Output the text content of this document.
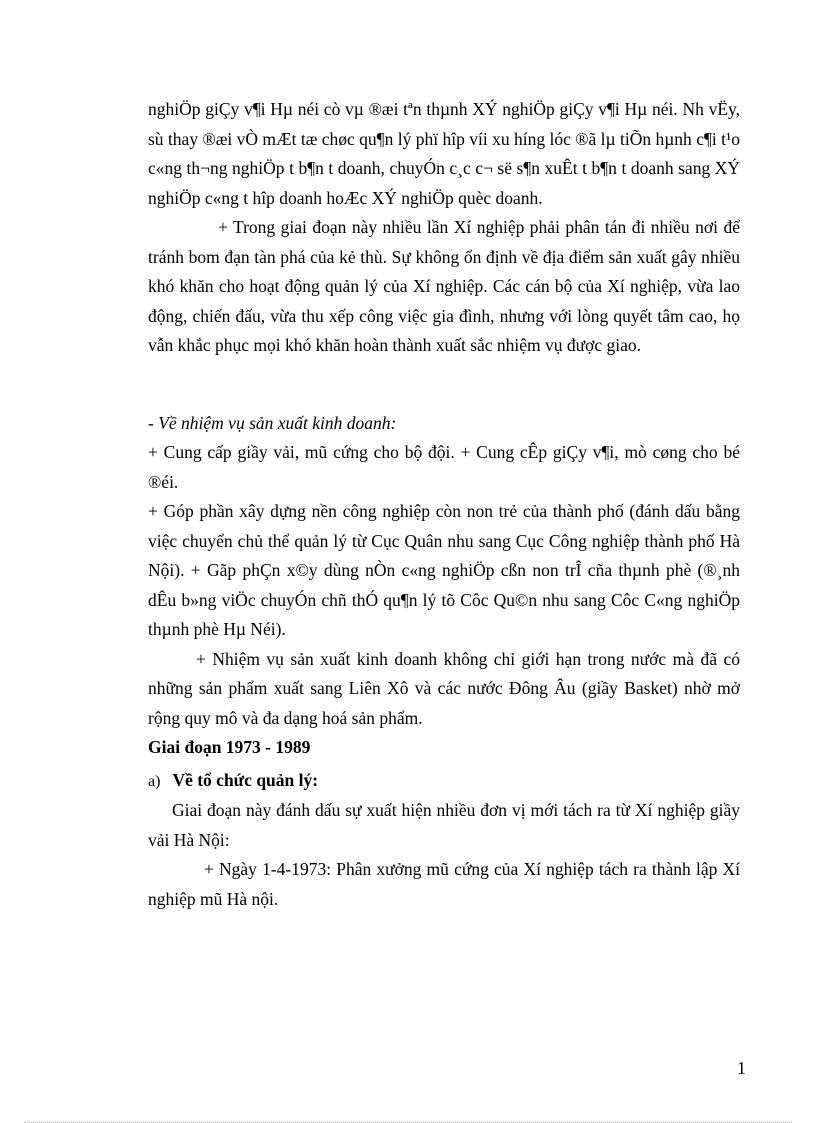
nghiÖp giÇy v¶i Hµ néi cò vµ ®æi tªn thµnh XÝ nghiÖp giÇy v¶i Hµ néi. Nh vËy, sù thay ®æi vÒ mÆt tæ chøc qu¶n lý phï hîp víi xu híng lóc ®ã lµ tiÕn hµnh c¶i t¹o c«ng th¬ng nghiÖp t b¶n t doanh, chuyÓn c¸c c¬ së s¶n xuÊt t b¶n t doanh sang XÝ nghiÖp c«ng t hîp doanh hoÆc XÝ nghiÖp quèc doanh.

+ Trong giai đoạn này nhiều lần Xí nghiệp phải phân tán đi nhiều nơi để tránh bom đạn tàn phá của kẻ thù. Sự không ổn định về địa điểm sản xuất gây nhiều khó khăn cho hoạt động quản lý của Xí nghiệp. Các cán bộ của Xí nghiệp, vừa lao động, chiến đấu, vừa thu xếp công việc gia đình, nhưng với lòng quyết tâm cao, họ vẫn khắc phục mọi khó khăn hoàn thành xuất sắc nhiệm vụ được giao.

- Về nhiệm vụ sản xuất kinh doanh:

+ Cung cấp giầy vải, mũ cứng cho bộ đội. + Cung cÊp giÇy v¶i, mò cøng cho bé ®éi.

+ Góp phần xây dựng nền công nghiệp còn non trẻ của thành phố (đánh dấu bằng việc chuyển chủ thể quản lý từ Cục Quân nhu sang Cục Công nghiệp thành phố Hà Nội). + Gãp phÇn x©y dùng nÒn c«ng nghiÖp cßn non trÎ cña thµnh phè (®¸nh dÊu b»ng viÖc chuyÓn chñ thÓ qu¶n lý tõ Côc Qu©n nhu sang Côc C«ng nghiÖp thµnh phè Hµ Néi).

+ Nhiệm vụ sản xuất kinh doanh không chỉ giới hạn trong nước mà đã có những sản phẩm xuất sang Liên Xô và các nước Đông Âu (giầy Basket) nhờ mở rộng quy mô và đa dạng hoá sản phẩm.

Giai đoạn 1973 - 1989

a) Về tổ chức quản lý:

Giai đoạn này đánh dấu sự xuất hiện nhiều đơn vị mới tách ra từ Xí nghiệp giầy vải Hà Nội:

+ Ngày 1-4-1973: Phân xưởng mũ cứng của Xí nghiệp tách ra thành lập Xí nghiệp mũ Hà nội.

1
